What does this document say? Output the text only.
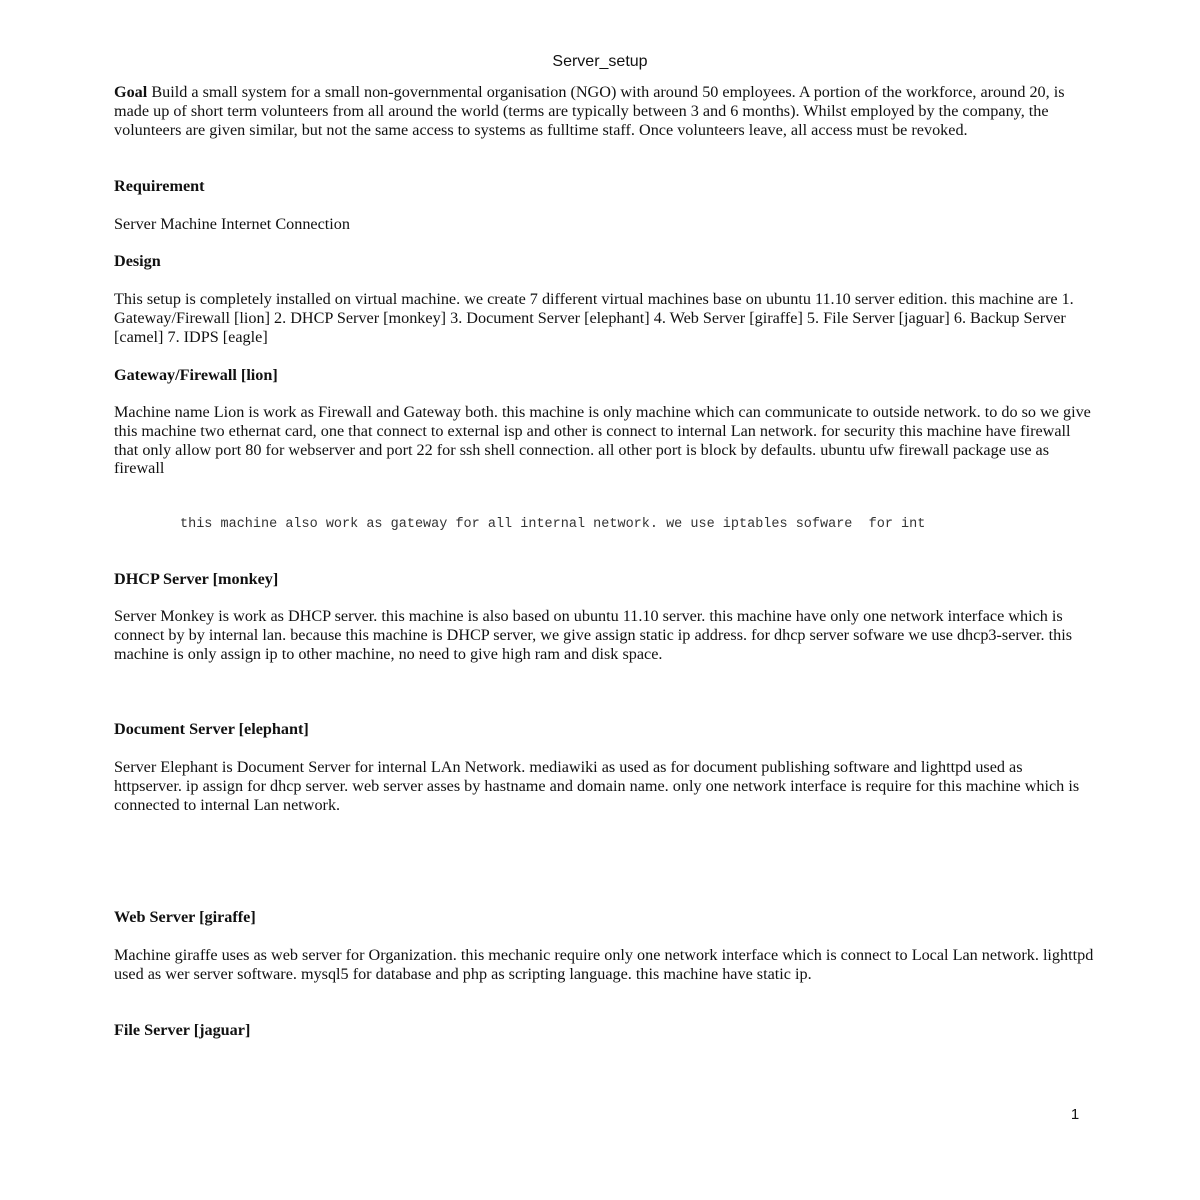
Server_setup

Goal Build a small system for a small non-governmental organisation (NGO) with around 50 employees. A portion of the workforce, around 20, is made up of short term volunteers from all around the world (terms are typically between 3 and 6 months). Whilst employed by the company, the volunteers are given similar, but not the same access to systems as fulltime staff. Once volunteers leave, all access must be revoked.

Requirement

Server Machine Internet Connection

Design

This setup is completely installed on virtual machine. we create 7 different virtual machines base on ubuntu 11.10 server edition. this machine are 1. Gateway/Firewall [lion] 2. DHCP Server [monkey] 3. Document Server [elephant] 4. Web Server [giraffe] 5. File Server [jaguar] 6. Backup Server [camel] 7. IDPS [eagle]

Gateway/Firewall [lion]

Machine name Lion is work as Firewall and Gateway both. this machine is only machine which can communicate to outside network. to do so we give this machine two ethernat card, one that connect to external isp and other is connect to internal Lan network. for security this machine have firewall that only allow port 80 for webserver and port 22 for ssh shell connection. all other port is block by defaults. ubuntu ufw firewall package use as firewall

this machine also work as gateway for all internal network. we use iptables sofware  for int

DHCP Server [monkey]

Server Monkey is work as DHCP server. this machine is also based on ubuntu 11.10 server. this machine have only one network interface which is connect by by internal lan. because this machine is DHCP server, we give assign static ip address. for dhcp server sofware we use dhcp3-server. this machine is only assign ip to other machine, no need to give high ram and disk space.

Document Server [elephant]

Server Elephant is Document Server for internal LAn Network. mediawiki as used as for document publishing software and lighttpd used as httpserver. ip assign for dhcp server. web server asses by hastname and domain name. only one network interface is require for this machine which is connected to internal Lan network.

Web Server [giraffe]

Machine giraffe uses as web server for Organization. this mechanic require only one network interface which is connect to Local Lan network. lighttpd used as wer server software. mysql5 for database and php as scripting language. this machine have static ip.

File Server [jaguar]

1
